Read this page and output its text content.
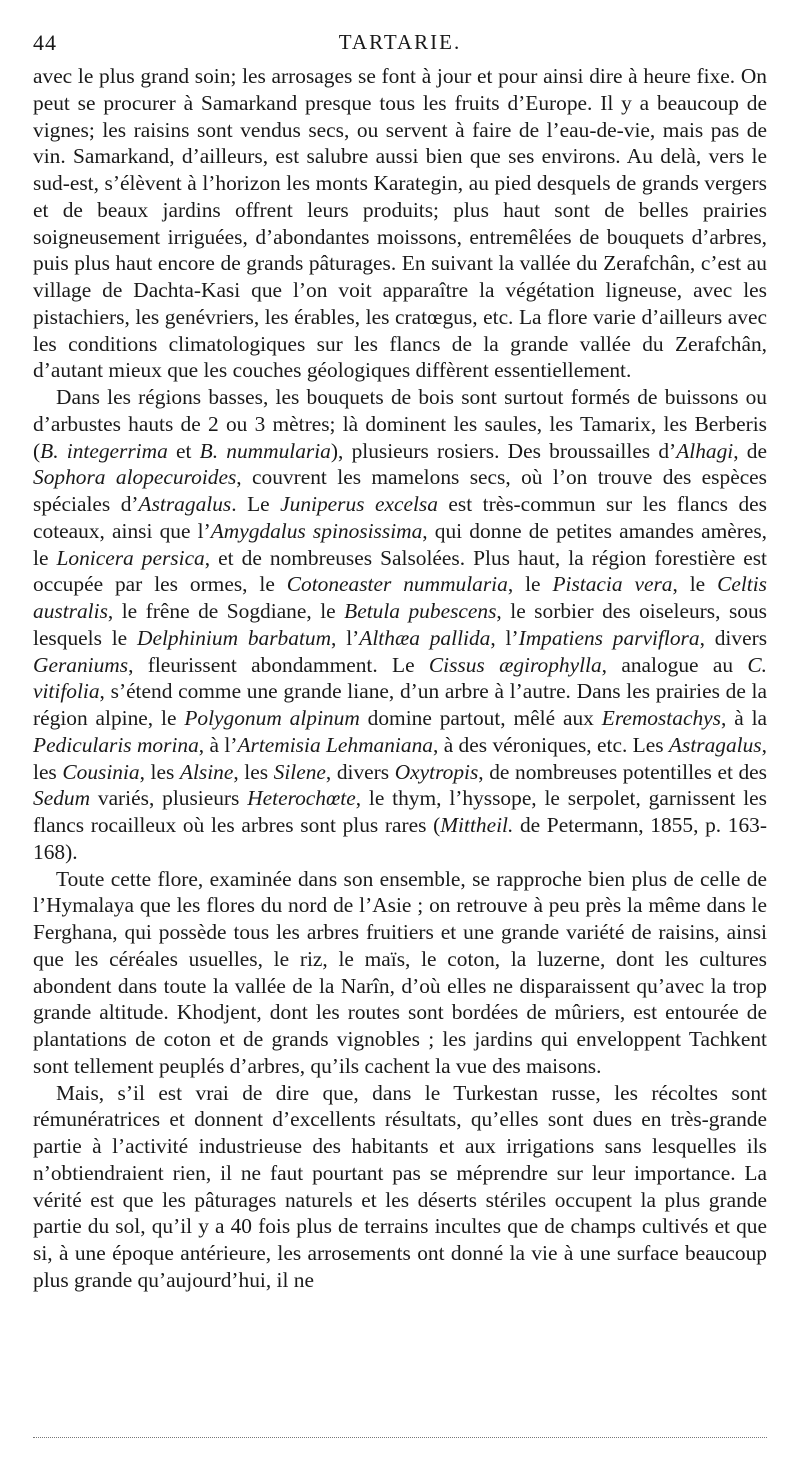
44	TARTARIE.

avec le plus grand soin; les arrosages se font à jour et pour ainsi dire à heure fixe. On peut se procurer à Samarkand presque tous les fruits d’Europe. Il y a beaucoup de vignes; les raisins sont vendus secs, ou servent à faire de l’eau-de-vie, mais pas de vin. Samarkand, d’ailleurs, est salubre aussi bien que ses environs. Au delà, vers le sud-est, s’élèvent à l’horizon les monts Karategin, au pied desquels de grands vergers et de beaux jardins offrent leurs produits; plus haut sont de belles prairies soigneusement irriguées, d’abondantes moissons, entremêlées de bouquets d’arbres, puis plus haut encore de grands pâturages. En suivant la vallée du Zerafchân, c’est au village de Dachta-Kasi que l’on voit apparaître la végétation ligneuse, avec les pistachiers, les genévriers, les érables, les cratœgus, etc. La flore varie d’ailleurs avec les conditions climatologiques sur les flancs de la grande vallée du Zerafchân, d’autant mieux que les couches géologiques diffèrent essentiellement.

Dans les régions basses, les bouquets de bois sont surtout formés de buissons ou d’arbustes hauts de 2 ou 3 mètres; là dominent les saules, les Tamarix, les Berberis (B. integerrima et B. nummularia), plusieurs rosiers. Des broussailles d’Alhagi, de Sophora alopecuroides, couvrent les mamelons secs, où l’on trouve des espèces spéciales d’Astragalus. Le Juniperus excelsa est très-commun sur les flancs des coteaux, ainsi que l’Amygdalus spinosissima, qui donne de petites amandes amères, le Lonicera persica, et de nombreuses Salsolées. Plus haut, la région forestière est occupée par les ormes, le Cotoneaster nummularia, le Pistacia vera, le Celtis australis, le frêne de Sogdiane, le Betula pubescens, le sorbier des oiseleurs, sous lesquels le Delphinium barbatum, l’Althæa pallida, l’Impatiens parviflora, divers Geraniums, fleurissent abondamment. Le Cissus ægirophylla, analogue au C. vitifolia, s’étend comme une grande liane, d’un arbre à l’autre. Dans les prairies de la région alpine, le Polygonum alpinum domine partout, mêlé aux Eremostachys, à la Pedicularis morina, à l’Artemisia Lehmaniana, à des véroniques, etc. Les Astragalus, les Cousinia, les Alsine, les Silene, divers Oxytropis, de nombreuses potentilles et des Sedum variés, plusieurs Heterochœte, le thym, l’hyssope, le serpolet, garnissent les flancs rocailleux où les arbres sont plus rares (Mittheil. de Petermann, 1855, p. 163-168).

Toute cette flore, examinée dans son ensemble, se rapproche bien plus de celle de l’Hymalaya que les flores du nord de l’Asie ; on retrouve à peu près la même dans le Ferghana, qui possède tous les arbres fruitiers et une grande variété de raisins, ainsi que les céréales usuelles, le riz, le maïs, le coton, la luzerne, dont les cultures abondent dans toute la vallée de la Narîn, d’où elles ne disparaissent qu’avec la trop grande altitude. Khodjent, dont les routes sont bordées de mûriers, est entourée de plantations de coton et de grands vignobles ; les jardins qui enveloppent Tachkent sont tellement peuplés d’arbres, qu’ils cachent la vue des maisons.

Mais, s’il est vrai de dire que, dans le Turkestan russe, les récoltes sont rémunératrices et donnent d’excellents résultats, qu’elles sont dues en très-grande partie à l’activité industrieuse des habitants et aux irrigations sans lesquelles ils n’obtiendraient rien, il ne faut pourtant pas se méprendre sur leur importance. La vérité est que les pâturages naturels et les déserts stériles occupent la plus grande partie du sol, qu’il y a 40 fois plus de terrains incultes que de champs cultivés et que si, à une époque antérieure, les arrosements ont donné la vie à une surface beaucoup plus grande qu’aujourd’hui, il ne
